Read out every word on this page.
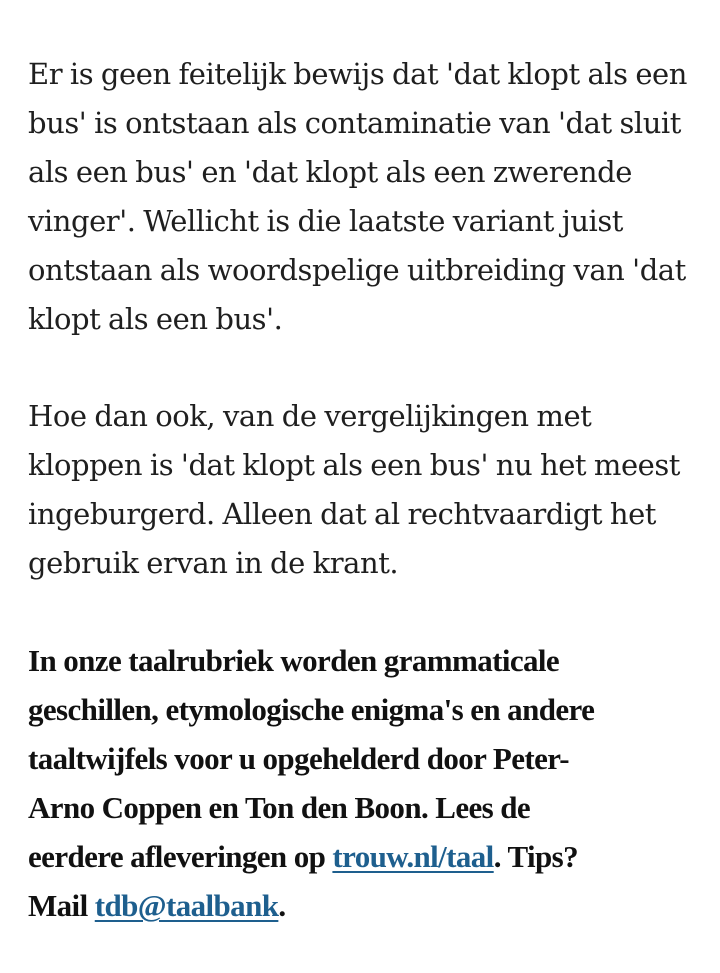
Er is geen feitelijk bewijs dat 'dat klopt als een
bus' is ontstaan als contaminatie van 'dat sluit
als een bus' en 'dat klopt als een zwerende
vinger'. Wellicht is die laatste variant juist
ontstaan als woordspelige uitbreiding van 'dat
klopt als een bus'.

Hoe dan ook, van de vergelijkingen met
kloppen is 'dat klopt als een bus' nu het meest
ingeburgerd. Alleen dat al rechtvaardigt het
gebruik ervan in de krant.

In onze taalrubriek worden grammaticale
geschillen, etymologische enigma's en andere
taaltwijfels voor u opgehelderd door Peter-
Arno Coppen en Ton den Boon. Lees de
eerdere afleveringen op trouw.nl/taal. Tips?
Mail tdb@taalbank.
